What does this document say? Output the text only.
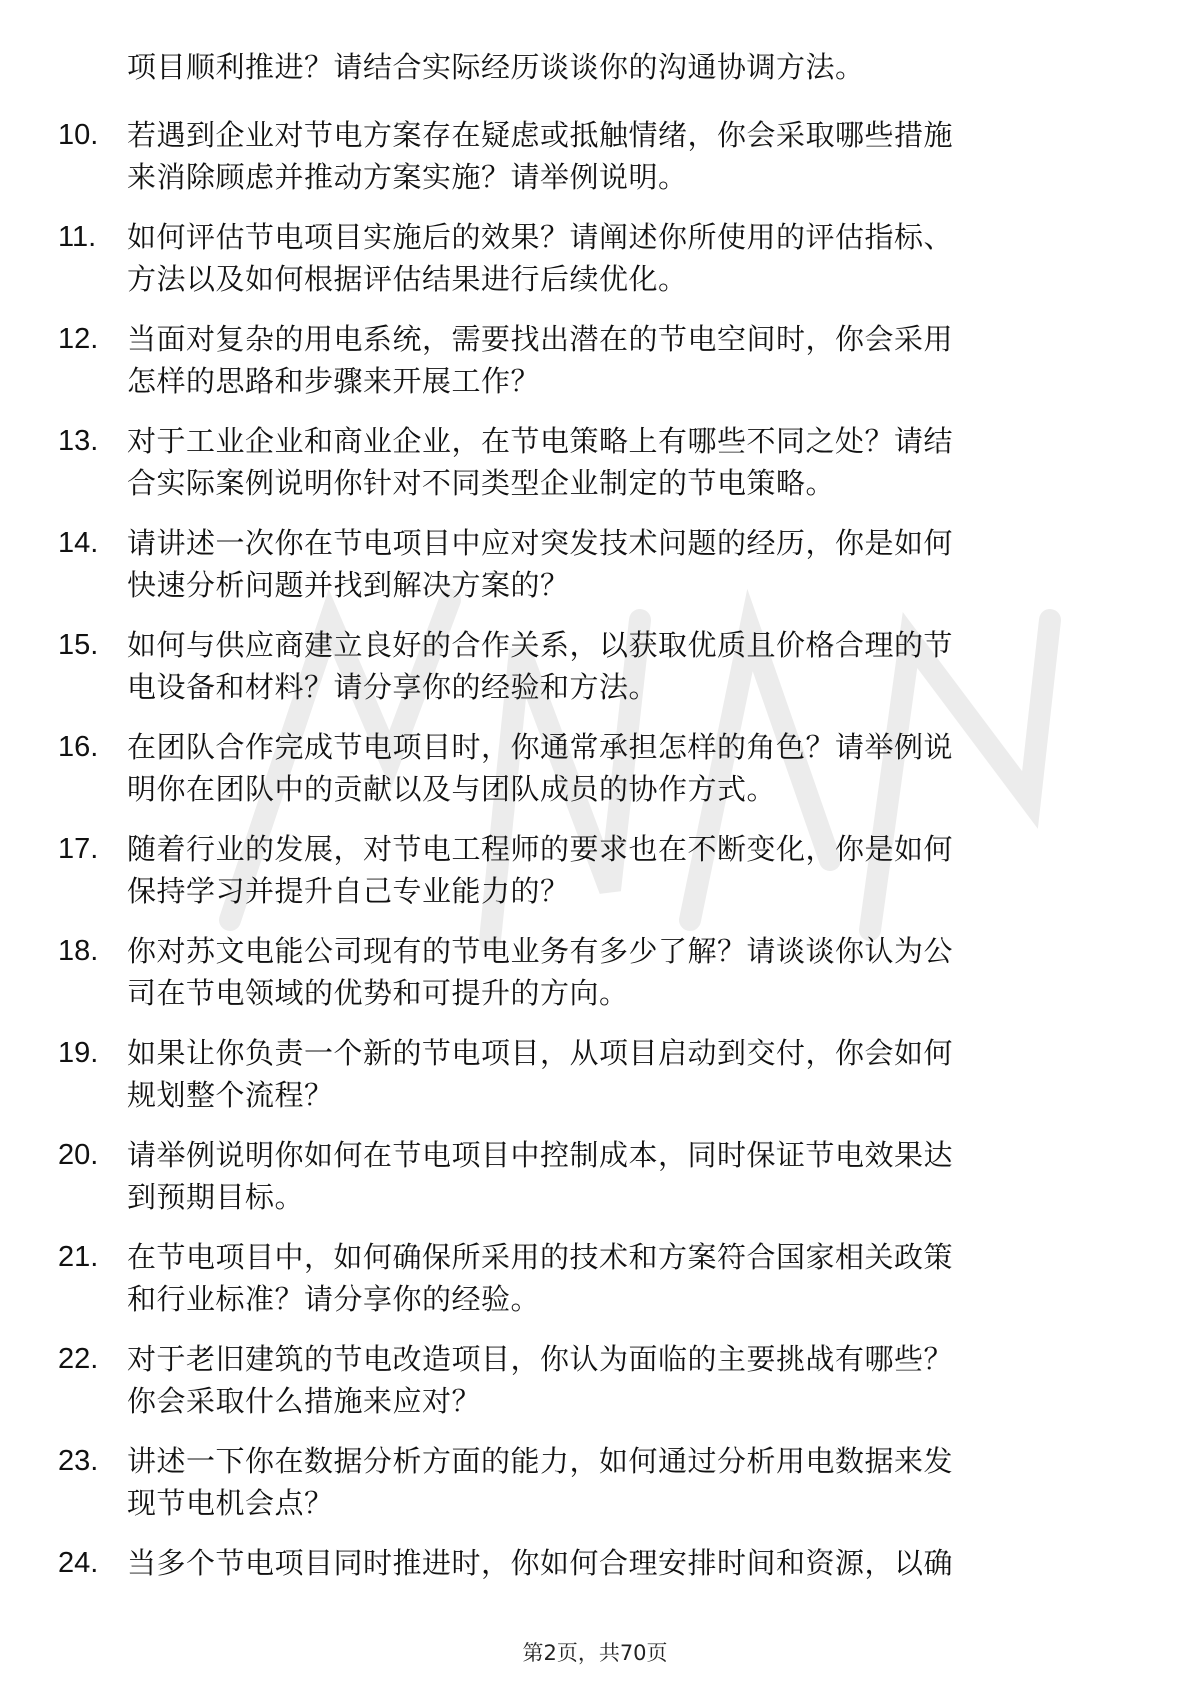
项目顺利推进？请结合实际经历谈谈你的沟通协调方法。
10. 若遇到企业对节电方案存在疑虑或抵触情绪，你会采取哪些措施
来消除顾虑并推动方案实施？请举例说明。
11.	如何评估节电项目实施后的效果？请阐述你所使用的评估指标、
方法以及如何根据评估结果进行后续优化。
12. 当面对复杂的用电系统，需要找出潜在的节电空间时，你会采用
怎样的思路和步骤来开展工作？
13. 对于工业企业和商业企业，在节电策略上有哪些不同之处？请结
合实际案例说明你针对不同类型企业制定的节电策略。
14. 请讲述一次你在节电项目中应对突发技术问题的经历，你是如何
快速分析问题并找到解决方案的？
15. 如何与供应商建立良好的合作关系，以获取优质且价格合理的节
电设备和材料？请分享你的经验和方法。
16. 在团队合作完成节电项目时，你通常承担怎样的角色？请举例说
明你在团队中的贡献以及与团队成员的协作方式。
17. 随着行业的发展，对节电工程师的要求也在不断变化，你是如何
保持学习并提升自己专业能力的？
18. 你对苏文电能公司现有的节电业务有多少了解？请谈谈你认为公
司在节电领域的优势和可提升的方向。
19. 如果让你负责一个新的节电项目，从项目启动到交付，你会如何
规划整个流程？
20. 请举例说明你如何在节电项目中控制成本，同时保证节电效果达
到预期目标。
21. 在节电项目中，如何确保所采用的技术和方案符合国家相关政策
和行业标准？请分享你的经验。
22. 对于老旧建筑的节电改造项目，你认为面临的主要挑战有哪些？
你会采取什么措施来应对？
23. 讲述一下你在数据分析方面的能力，如何通过分析用电数据来发
现节电机会点？
24. 当多个节电项目同时推进时，你如何合理安排时间和资源，以确
第2页，共70页
